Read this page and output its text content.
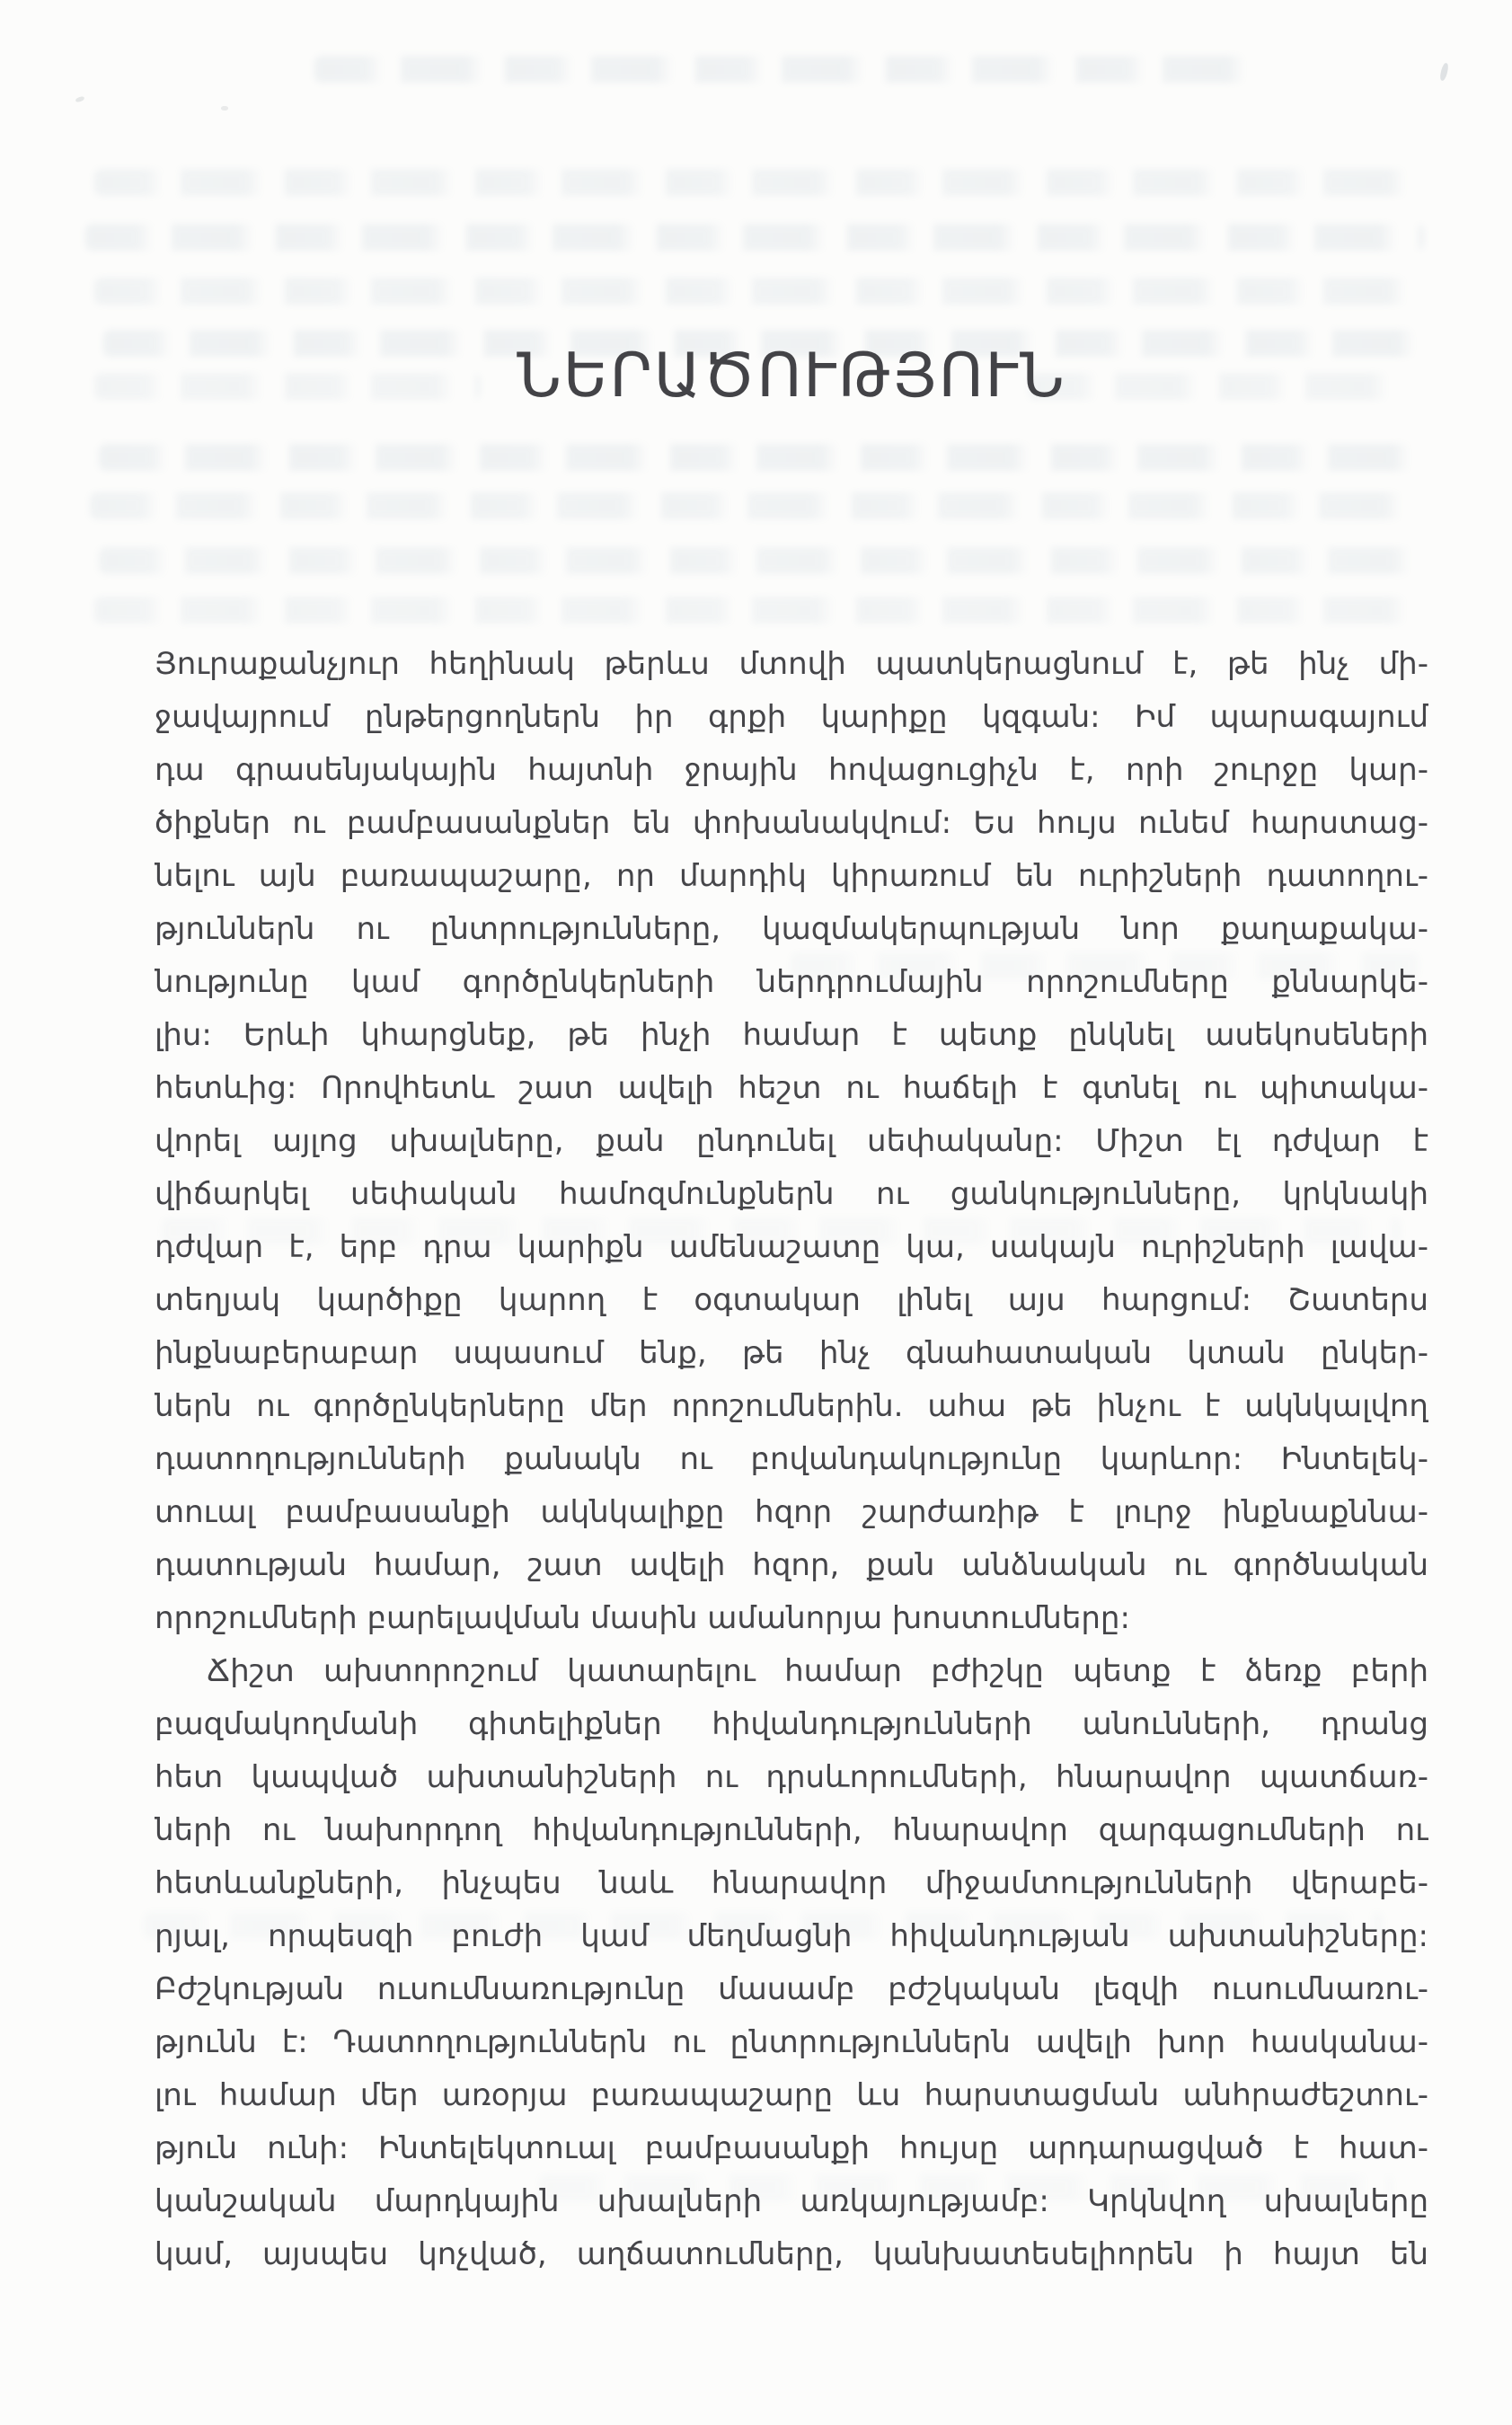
ՆԵՐԱԾՈՒԹՅՈՒՆ
Յուրաքանչյուր հեղինակ թերևս մտովի պատկերացնում է, թե ինչ մի-
ջավայրում ընթերցողներն իր գրքի կարիքը կզգան: Իմ պարագայում
դա գրասենյակային հայտնի ջրային հովացուցիչն է, որի շուրջը կար-
ծիքներ ու բամբասանքներ են փոխանակվում: Ես հույս ունեմ հարստաց-
նելու այն բառապաշարը, որ մարդիկ կիրառում են ուրիշների դատողու-
թյուններն ու ընտրությունները, կազմակերպության նոր քաղաքակա-
նությունը կամ գործընկերների ներդրումային որոշումները քննարկե-
լիս: Երևի կհարցնեք, թե ինչի համար է պետք ընկնել ասեկոսեների
հետևից: Որովհետև շատ ավելի հեշտ ու հաճելի է գտնել ու պիտակա-
վորել այլոց սխալները, քան ընդունել սեփականը: Միշտ էլ դժվար է
վիճարկել սեփական համոզմունքներն ու ցանկությունները, կրկնակի
դժվար է, երբ դրա կարիքն ամենաշատը կա, սակայն ուրիշների լավա-
տեղյակ կարծիքը կարող է օգտակար լինել այս հարցում: Շատերս
ինքնաբերաբար սպասում ենք, թե ինչ գնահատական կտան ընկեր-
ներն ու գործընկերները մեր որոշումներին. ահա թե ինչու է ակնկալվող
դատողությունների քանակն ու բովանդակությունը կարևոր: Ինտելեկ-
տուալ բամբասանքի ակնկալիքը հզոր շարժառիթ է լուրջ ինքնաքննա-
դատության համար, շատ ավելի հզոր, քան անձնական ու գործնական
որոշումների բարելավման մասին ամանորյա խոստումները:
Ճիշտ ախտորոշում կատարելու համար բժիշկը պետք է ձեռք բերի
բազմակողմանի գիտելիքներ հիվանդությունների անունների, դրանց
հետ կապված ախտանիշների ու դրսևորումների, հնարավոր պատճառ-
ների ու նախորդող հիվանդությունների, հնարավոր զարգացումների ու
հետևանքների, ինչպես նաև հնարավոր միջամտությունների վերաբե-
րյալ, որպեսզի բուժի կամ մեղմացնի հիվանդության ախտանիշները:
Բժշկության ուսումնառությունը մասամբ բժշկական լեզվի ուսումնառու-
թյունն է: Դատողություններն ու ընտրություններն ավելի խոր հասկանա-
լու համար մեր առօրյա բառապաշարը ևս հարստացման անհրաժեշտու-
թյուն ունի: Ինտելեկտուալ բամբասանքի հույսը արդարացված է հատ-
կանշական մարդկային սխալների առկայությամբ: Կրկնվող սխալները
կամ, այսպես կոչված, աղճատումները, կանխատեսելիորեն ի հայտ են
